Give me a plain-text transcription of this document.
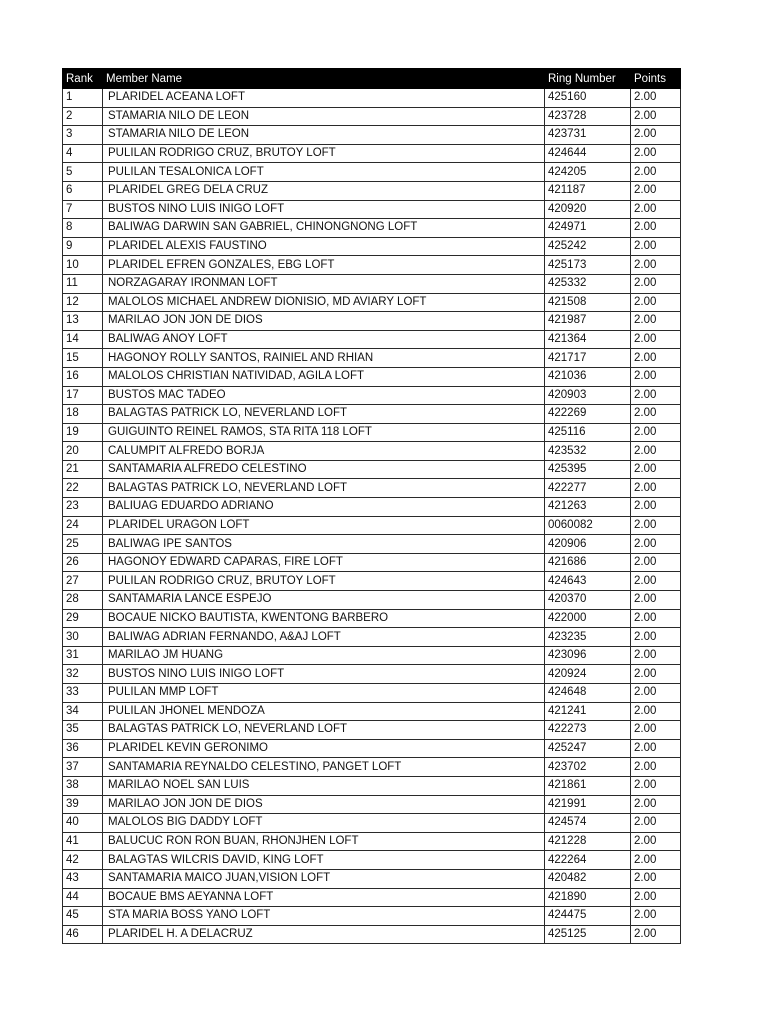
Rank	Member Name	Ring Number	Points
1	PLARIDEL ACEANA LOFT	425160	2.00
2	STAMARIA NILO DE LEON	423728	2.00
3	STAMARIA NILO DE LEON	423731	2.00
4	PULILAN RODRIGO CRUZ, BRUTOY LOFT	424644	2.00
5	PULILAN TESALONICA LOFT	424205	2.00
6	PLARIDEL GREG DELA CRUZ	421187	2.00
7	BUSTOS NINO LUIS INIGO LOFT	420920	2.00
8	BALIWAG DARWIN SAN GABRIEL, CHINONGNONG LOFT	424971	2.00
9	PLARIDEL ALEXIS FAUSTINO	425242	2.00
10	PLARIDEL EFREN GONZALES, EBG LOFT	425173	2.00
11	NORZAGARAY IRONMAN LOFT	425332	2.00
12	MALOLOS MICHAEL ANDREW DIONISIO, MD AVIARY LOFT	421508	2.00
13	MARILAO JON JON DE DIOS	421987	2.00
14	BALIWAG ANOY LOFT	421364	2.00
15	HAGONOY ROLLY SANTOS, RAINIEL AND RHIAN	421717	2.00
16	MALOLOS CHRISTIAN NATIVIDAD, AGILA LOFT	421036	2.00
17	BUSTOS MAC TADEO	420903	2.00
18	BALAGTAS PATRICK LO, NEVERLAND LOFT	422269	2.00
19	GUIGUINTO REINEL RAMOS, STA RITA 118 LOFT	425116	2.00
20	CALUMPIT ALFREDO BORJA	423532	2.00
21	SANTAMARIA ALFREDO CELESTINO	425395	2.00
22	BALAGTAS PATRICK LO, NEVERLAND LOFT	422277	2.00
23	BALIUAG EDUARDO ADRIANO	421263	2.00
24	PLARIDEL URAGON LOFT	0060082	2.00
25	BALIWAG IPE SANTOS	420906	2.00
26	HAGONOY EDWARD CAPARAS, FIRE LOFT	421686	2.00
27	PULILAN RODRIGO CRUZ, BRUTOY LOFT	424643	2.00
28	SANTAMARIA LANCE ESPEJO	420370	2.00
29	BOCAUE NICKO BAUTISTA, KWENTONG BARBERO	422000	2.00
30	BALIWAG ADRIAN FERNANDO, A&AJ LOFT	423235	2.00
31	MARILAO JM HUANG	423096	2.00
32	BUSTOS NINO LUIS INIGO LOFT	420924	2.00
33	PULILAN MMP LOFT	424648	2.00
34	PULILAN JHONEL MENDOZA	421241	2.00
35	BALAGTAS PATRICK LO, NEVERLAND LOFT	422273	2.00
36	PLARIDEL KEVIN GERONIMO	425247	2.00
37	SANTAMARIA REYNALDO CELESTINO, PANGET LOFT	423702	2.00
38	MARILAO NOEL SAN LUIS	421861	2.00
39	MARILAO JON JON DE DIOS	421991	2.00
40	MALOLOS BIG DADDY LOFT	424574	2.00
41	BALUCUC RON RON BUAN, RHONJHEN LOFT	421228	2.00
42	BALAGTAS WILCRIS DAVID, KING LOFT	422264	2.00
43	SANTAMARIA MAICO JUAN,VISION LOFT	420482	2.00
44	BOCAUE BMS AEYANNA LOFT	421890	2.00
45	STA MARIA BOSS YANO LOFT	424475	2.00
46	PLARIDEL H. A DELACRUZ	425125	2.00
